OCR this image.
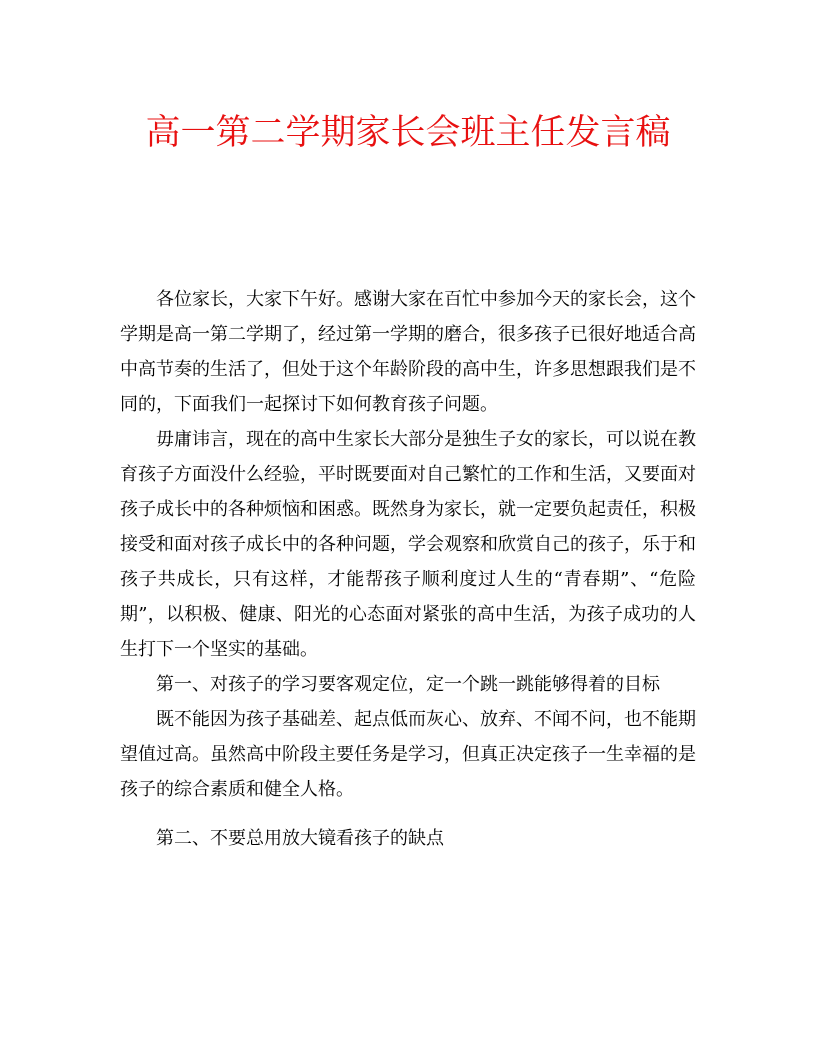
高一第二学期家长会班主任发言稿

各位家长，大家下午好。感谢大家在百忙中参加今天的家长会，这个学期是高一第二学期了，经过第一学期的磨合，很多孩子已很好地适合高中高节奏的生活了，但处于这个年龄阶段的高中生，许多思想跟我们是不同的，下面我们一起探讨下如何教育孩子问题。

毋庸讳言，现在的高中生家长大部分是独生子女的家长，可以说在教育孩子方面没什么经验，平时既要面对自己繁忙的工作和生活，又要面对孩子成长中的各种烦恼和困惑。既然身为家长，就一定要负起责任，积极接受和面对孩子成长中的各种问题，学会观察和欣赏自己的孩子，乐于和孩子共成长，只有这样，才能帮孩子顺利度过人生的“青春期”、“危险期”，以积极、健康、阳光的心态面对紧张的高中生活，为孩子成功的人生打下一个坚实的基础。

第一、对孩子的学习要客观定位，定一个跳一跳能够得着的目标

既不能因为孩子基础差、起点低而灰心、放弃、不闻不问，也不能期望值过高。虽然高中阶段主要任务是学习，但真正决定孩子一生幸福的是孩子的综合素质和健全人格。

第二、不要总用放大镜看孩子的缺点
